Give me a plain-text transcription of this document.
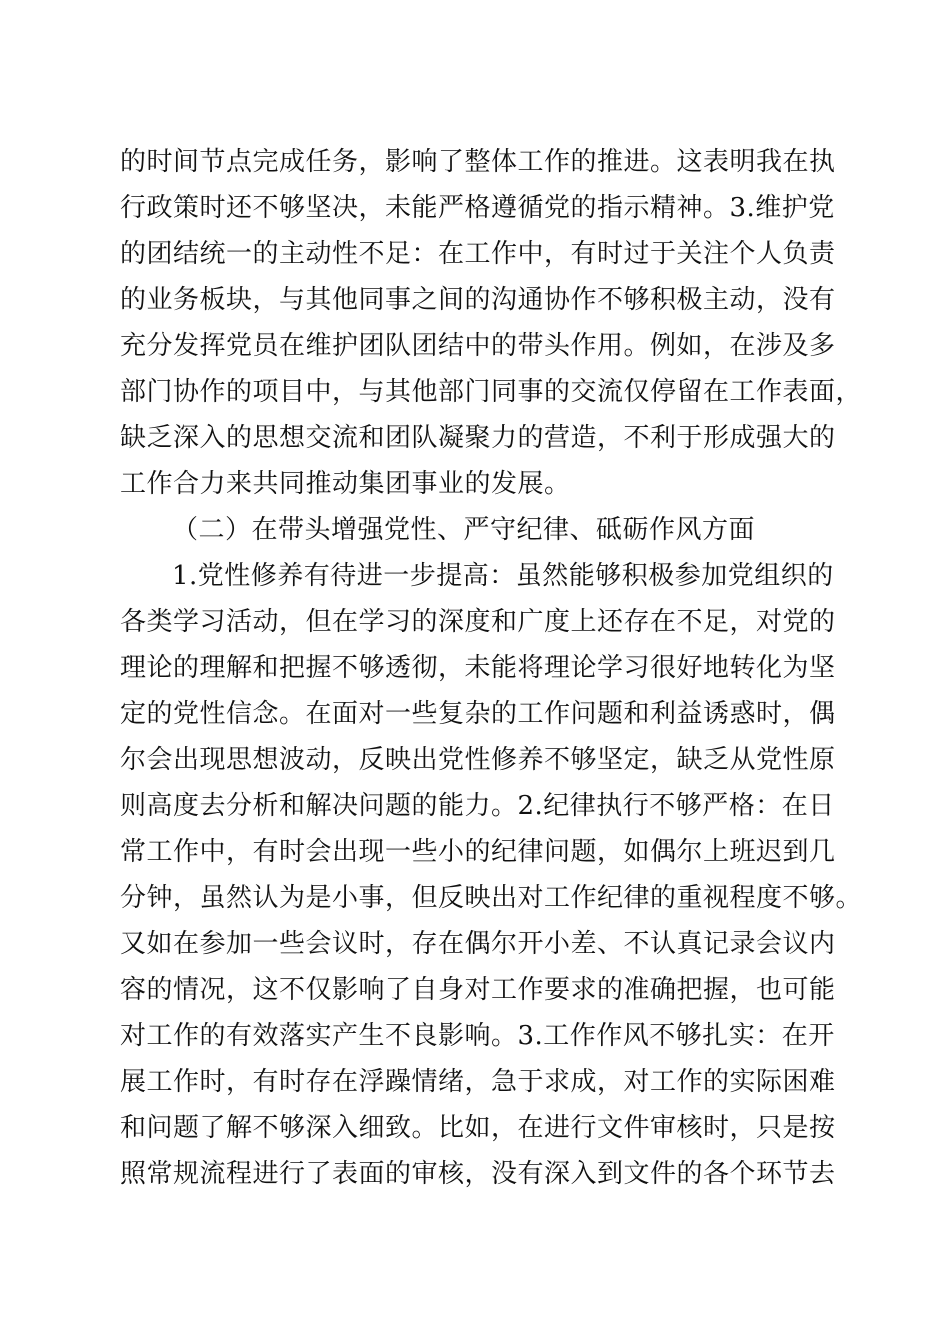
的时间节点完成任务，影响了整体工作的推进。这表明我在执
行政策时还不够坚决，未能严格遵循党的指示精神。3.维护党
的团结统一的主动性不足：在工作中，有时过于关注个人负责
的业务板块，与其他同事之间的沟通协作不够积极主动，没有
充分发挥党员在维护团队团结中的带头作用。例如，在涉及多
部门协作的项目中，与其他部门同事的交流仅停留在工作表面，
缺乏深入的思想交流和团队凝聚力的营造，不利于形成强大的
工作合力来共同推动集团事业的发展。
（二）在带头增强党性、严守纪律、砥砺作风方面
1.党性修养有待进一步提高：虽然能够积极参加党组织的
各类学习活动，但在学习的深度和广度上还存在不足，对党的
理论的理解和把握不够透彻，未能将理论学习很好地转化为坚
定的党性信念。在面对一些复杂的工作问题和利益诱惑时，偶
尔会出现思想波动，反映出党性修养不够坚定，缺乏从党性原
则高度去分析和解决问题的能力。2.纪律执行不够严格：在日
常工作中，有时会出现一些小的纪律问题，如偶尔上班迟到几
分钟，虽然认为是小事，但反映出对工作纪律的重视程度不够。
又如在参加一些会议时，存在偶尔开小差、不认真记录会议内
容的情况，这不仅影响了自身对工作要求的准确把握，也可能
对工作的有效落实产生不良影响。3.工作作风不够扎实：在开
展工作时，有时存在浮躁情绪，急于求成，对工作的实际困难
和问题了解不够深入细致。比如，在进行文件审核时，只是按
照常规流程进行了表面的审核，没有深入到文件的各个环节去
